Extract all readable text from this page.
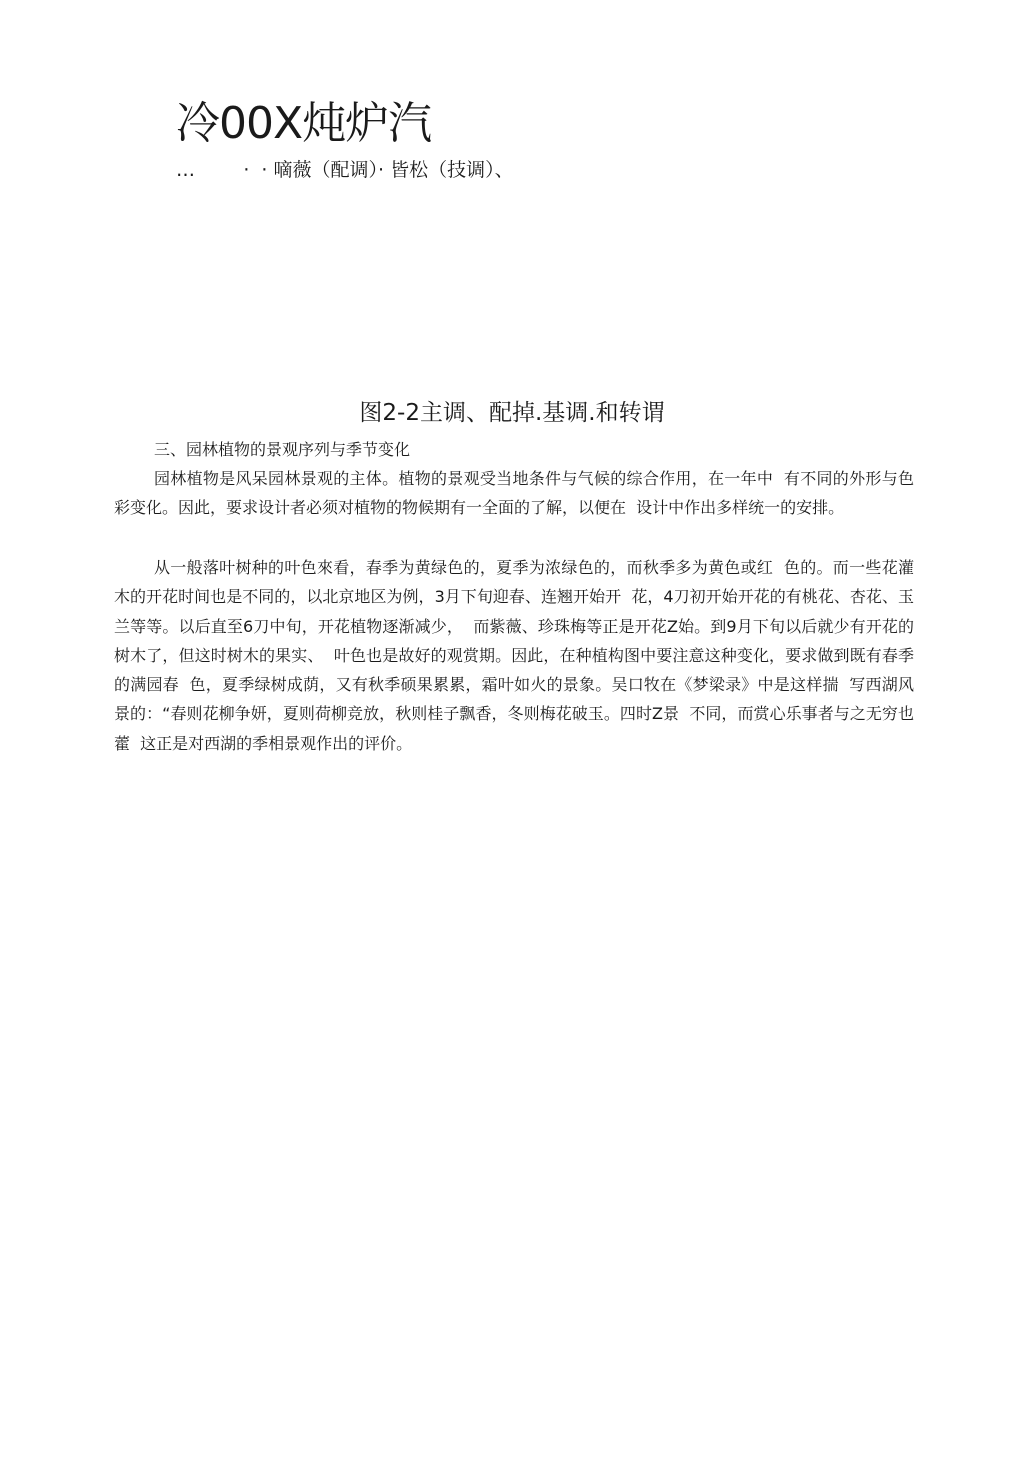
冷00X炖炉汽
…        ·  · 嘀薇（配调）· 皆松（技调）、
图2-2主调、配掉.基调.和转谓
三、园林植物的景观序列与季节变化
园林植物是风呆园林景观的主体。植物的景观受当地条件与气候的综合作用，在一年中  有不同的外形与色彩变化。因此，要求设计者必须对植物的物候期有一全面的了解，以便在  设计中作出多样统一的安排。
从一般落叶树种的叶色來看，春季为黄绿色的，夏季为浓绿色的，而秋季多为黄色或红  色的。而一些花灌木的开花时间也是不同的，以北京地区为例，3月下旬迎春、连翘开始开  花，4刀初开始开花的有桃花、杏花、玉兰等等。以后直至6刀中旬，开花植物逐渐减少，  而紫薇、珍珠梅等正是开花Z始。到9月下旬以后就少有开花的树木了，但这时树木的果实、  叶色也是故好的观赏期。因此，在种植构图中要注意这种变化，要求做到既有春季的满园春  色，夏季绿树成荫，又有秋季硕果累累，霜叶如火的景象。吴口牧在《梦梁录》中是这样揣  写西湖风景的：“春则花柳争妍，夏则荷柳竞放，秋则桂子飘香，冬则梅花破玉。四时Z景  不同，而赏心乐事者与之无穷也藿  这正是对西湖的季相景观作出的评价。
